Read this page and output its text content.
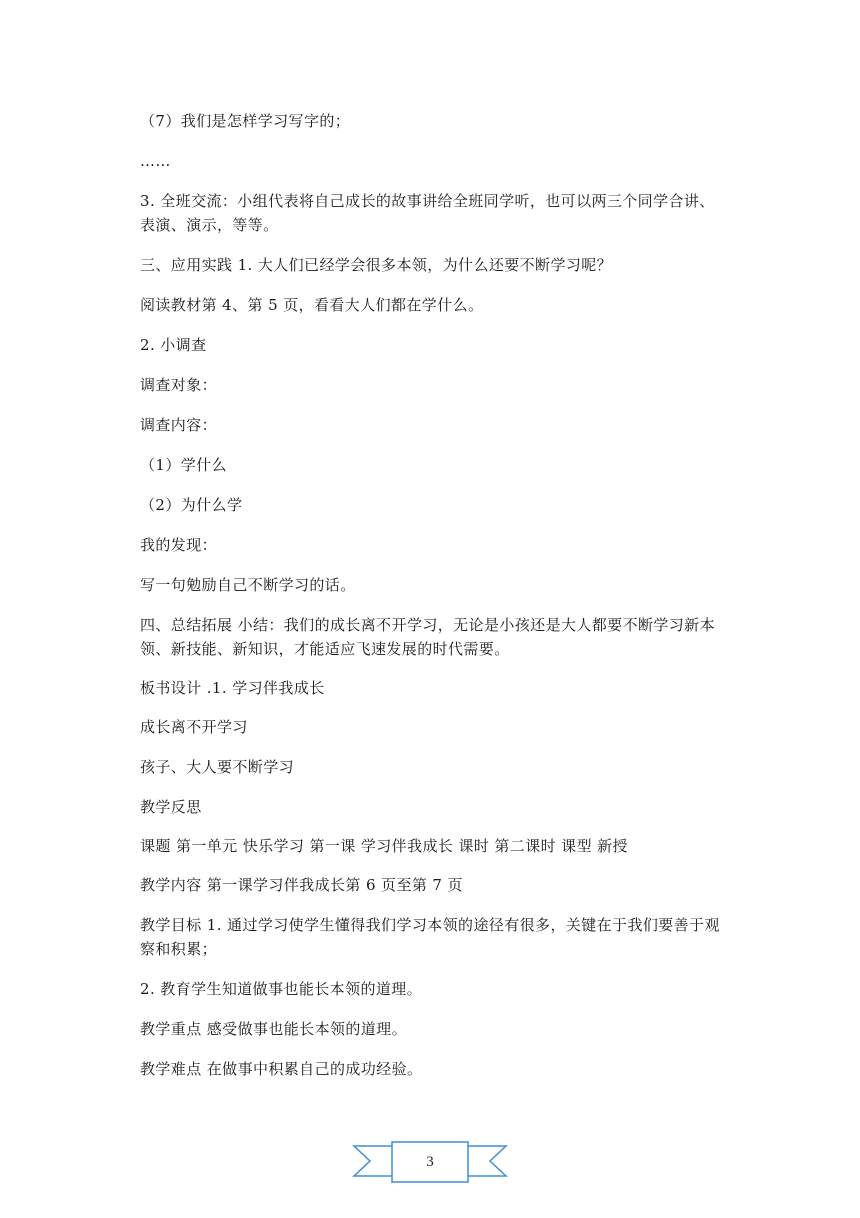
（7）我们是怎样学习写字的；

……

3. 全班交流：小组代表将自己成长的故事讲给全班同学听，也可以两三个同学合讲、表演、演示，等等。

三、应用实践 1. 大人们已经学会很多本领，为什么还要不断学习呢？

阅读教材第 4、第 5 页，看看大人们都在学什么。

2. 小调查

调查对象：

调查内容：

（1）学什么

（2）为什么学

我的发现：

写一句勉励自己不断学习的话。

四、总结拓展 小结：我们的成长离不开学习，无论是小孩还是大人都要不断学习新本领、新技能、新知识，才能适应飞速发展的时代需要。

板书设计 .1. 学习伴我成长

成长离不开学习

孩子、大人要不断学习

教学反思

课题 第一单元 快乐学习 第一课 学习伴我成长 课时 第二课时 课型 新授

教学内容 第一课学习伴我成长第 6 页至第 7 页

教学目标 1. 通过学习使学生懂得我们学习本领的途径有很多，关键在于我们要善于观察和积累；

2. 教育学生知道做事也能长本领的道理。

教学重点 感受做事也能长本领的道理。

教学难点 在做事中积累自己的成功经验。

3
